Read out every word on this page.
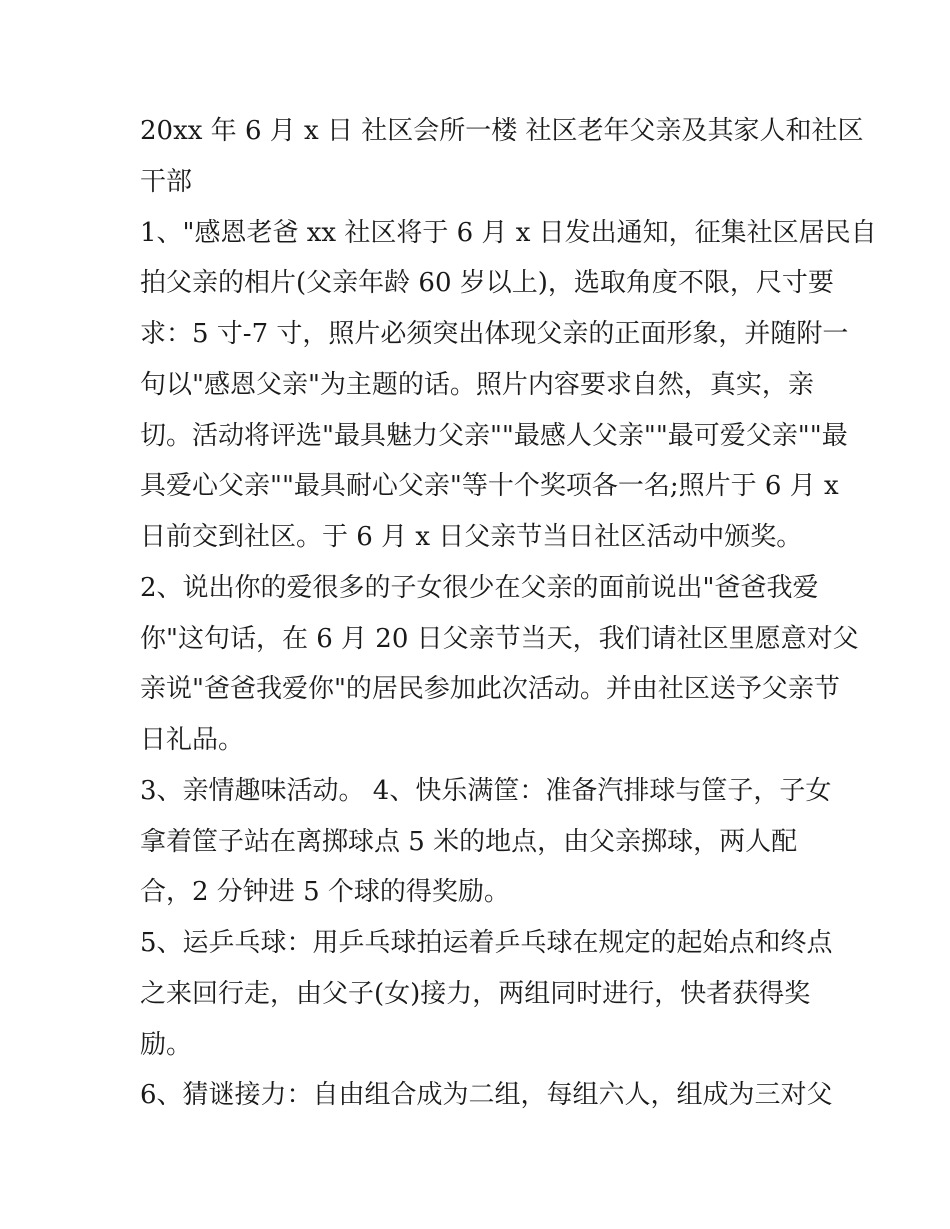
20xx 年 6 月 x 日 社区会所一楼 社区老年父亲及其家人和社区

干部

1、"感恩老爸 xx 社区将于 6 月 x 日发出通知，征集社区居民自

拍父亲的相片(父亲年龄 60 岁以上)，选取角度不限，尺寸要

求：5 寸-7 寸，照片必须突出体现父亲的正面形象，并随附一

句以"感恩父亲"为主题的话。照片内容要求自然，真实，亲

切。活动将评选"最具魅力父亲""最感人父亲""最可爱父亲""最

具爱心父亲""最具耐心父亲"等十个奖项各一名;照片于 6 月 x

日前交到社区。于 6 月 x 日父亲节当日社区活动中颁奖。

2、说出你的爱很多的子女很少在父亲的面前说出"爸爸我爱

你"这句话，在 6 月 20 日父亲节当天，我们请社区里愿意对父

亲说"爸爸我爱你"的居民参加此次活动。并由社区送予父亲节

日礼品。

3、亲情趣味活动。 4、快乐满筐：准备汽排球与筐子，子女

拿着筐子站在离掷球点 5 米的地点，由父亲掷球，两人配

合，2 分钟进 5 个球的得奖励。

5、运乒乓球：用乒乓球拍运着乒乓球在规定的起始点和终点

之来回行走，由父子(女)接力，两组同时进行，快者获得奖

励。

6、猜谜接力：自由组合成为二组，每组六人，组成为三对父
